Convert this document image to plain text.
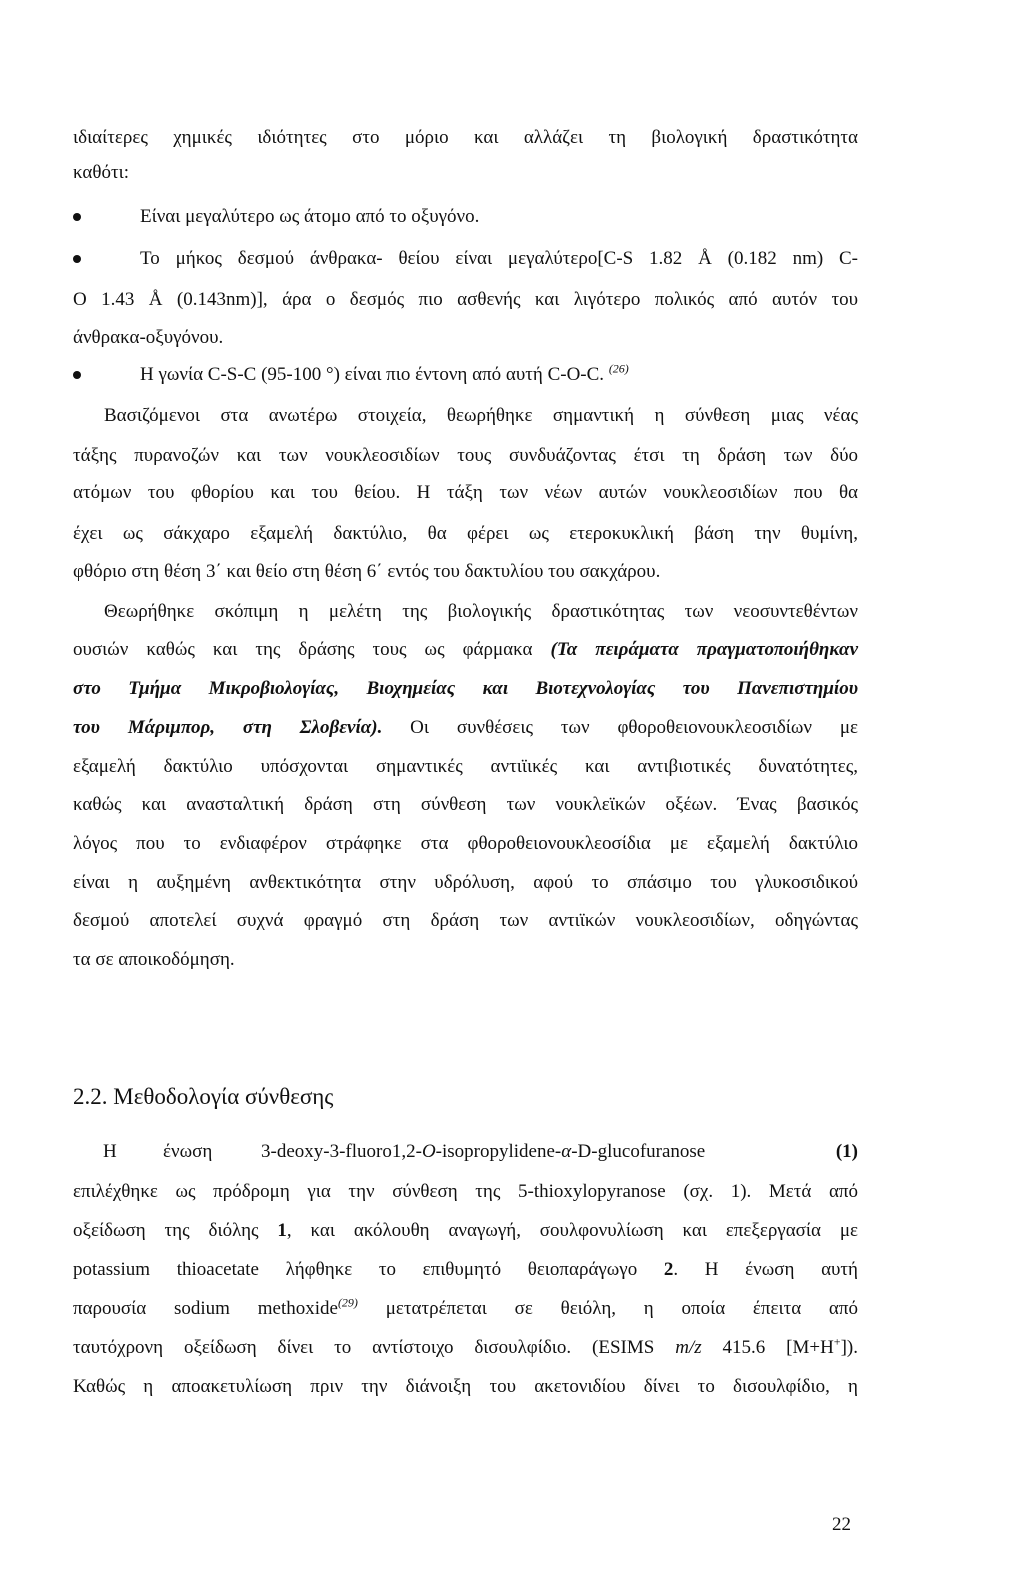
ιδιαίτερες χημικές ιδιότητες στο μόριο και αλλάζει τη βιολογική δραστικότητα
καθότι:
Είναι μεγαλύτερο ως άτομο από το οξυγόνο.
Το μήκος δεσμού άνθρακα- θείου είναι μεγαλύτερο[C-S 1.82 Å (0.182 nm) C-
O 1.43 Å (0.143nm)], άρα ο δεσμός πιο ασθενής και λιγότερο πολικός από αυτόν του
άνθρακα-οξυγόνου.
Η γωνία C-S-C (95-100 °) είναι πιο έντονη από αυτή C-O-C. $^{(26)}$
Βασιζόμενοι στα ανωτέρω στοιχεία, θεωρήθηκε σημαντική η σύνθεση μιας νέας
τάξης πυρανοζών και των νουκλεοσιδίων τους συνδυάζοντας έτσι τη δράση των δύο
ατόμων του φθορίου και του θείου. Η τάξη των νέων αυτών νουκλεοσιδίων που θα
έχει ως σάκχαρο εξαμελή δακτύλιο, θα φέρει ως ετεροκυκλική βάση την θυμίνη,
φθόριο στη θέση 3΄ και θείο στη θέση 6΄ εντός του δακτυλίου του σακχάρου.
Θεωρήθηκε σκόπιμη η μελέτη της βιολογικής δραστικότητας των νεοσυντεθέντων
ουσιών καθώς και της δράσης τους ως φάρμακα (Τα πειράματα πραγματοποιήθηκαν
στο Τμήμα Μικροβιολογίας, Βιοχημείας και Βιοτεχνολογίας του Πανεπιστημίου
του Μάριμπορ, στη Σλοβενία). Οι συνθέσεις των φθοροθειονουκλεοσιδίων με
εξαμελή δακτύλιο υπόσχονται σημαντικές αντιϊικές και αντιβιοτικές δυνατότητες,
καθώς και ανασταλτική δράση στη σύνθεση των νουκλεϊκών οξέων. Ένας βασικός
λόγος που το ενδιαφέρον στράφηκε στα φθοροθειονουκλεοσίδια με εξαμελή δακτύλιο
είναι η αυξημένη ανθεκτικότητα στην υδρόλυση, αφού το σπάσιμο του γλυκοσιδικού
δεσμού αποτελεί συχνά φραγμό στη δράση των αντιϊκών νουκλεοσιδίων, οδηγώντας
τα σε αποικοδόμηση.
2.2. Μεθοδολογία σύνθεσης
Η ένωση	3-deoxy-3-fluoro1,2-O-isopropylidene-α-D-glucofuranose	(1)
επιλέχθηκε ως πρόδρομη για την σύνθεση της 5-thioxylopyranose (σχ. 1). Μετά από
οξείδωση της διόλης 1, και ακόλουθη αναγωγή, σουλφονυλίωση και επεξεργασία με
potassium thioacetate λήφθηκε το επιθυμητό θειοπαράγωγο 2. Η ένωση αυτή
παρουσία sodium methoxide$^{(29)}$ μετατρέπεται σε θειόλη, η οποία έπειτα από
ταυτόχρονη οξείδωση δίνει το αντίστοιχο δισουλφίδιο. (ESIMS m/z 415.6 [M+H+]).
Καθώς η αποακετυλίωση πριν την διάνοιξη του ακετονιδίου δίνει το δισουλφίδιο, η
22
